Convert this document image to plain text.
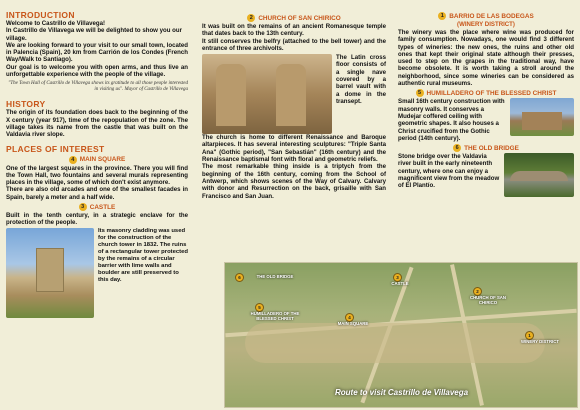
INTRODUCTION

Welcome to Castrillo de Villavega!

In Castrillo de Villavega we will be delighted to show you our village.

We are looking forward to your visit to our small town, located in Palencia (Spain), 20 km from Carrión de los Condes (French Way/Walk to Santiago).

Our goal is to welcome you with open arms, and thus live an unforgettable experience with the people of the village.

"The Town Hall of Castrillo de Villavega shows its gratitude to all those people interested in visiting us". Mayor of Castrillo de Villavega

HISTORY

The origin of its foundation does back to the beginning of the X century (year 917), time of the repopulation of the zone. The village takes its name from the castle that was built on the Valdavia river slope.

PLACES OF INTEREST
4 MAIN SQUARE

One of the largest squares in the province. There you will find the Town Hall, two fountains and several murals representing places in the village, some of which don't exist anymore.

There are also old arcades and one of the smallest facades in Spain, barely a meter and a half wide.

3 CASTLE

Built in the tenth century, in a strategic enclave for the protection of the people.

Its masonry cladding was used for the construction of the church tower in 1832. The ruins of a rectangular tower protected by the remains of a circular barrier with lime walls and boulder are still preserved to this day.

2 CHURCH OF SAN CHIRICO

It was built on the remains of an ancient Romanesque temple that dates back to the 13th century.

It still conserves the belfry (attached to the bell tower) and the entrance of three archivolts.

The Latin cross floor consists of a single nave covered by a barrel vault with a dome in the transept.

The church is home to different Renaissance and Baroque altarpieces. It has several interesting sculptures: "Triple Santa Ana" (Gothic period), "San Sebastián" (16th century) and the Renaissance baptismal font with floral and geometric reliefs.

The most remarkable thing inside is a triptych from the beginning of the 16th century, coming from the School of Antwerp, which shows scenes of the Way of Calvary. Calvary with donor and Resurrection on the back, grisaille with San Francisco and San Juan.

1 BARRIO DE LAS BODEGAS
(WINERY DISTRICT)

The winery was the place where wine was produced for family consumption. Nowadays, one would find 3 different types of wineries: the new ones, the ruins and other old ones that kept their original state although their presses, used to step on the grapes in the traditional way, have become obsolete. It is worth taking a stroll around the neighborhood, since some wineries can be considered as authentic rural museums.

5 HUMILLADERO OF THE BLESSED CHRIST

Small 16th century construction with masonry walls. It conserves a Mudejar coffered ceiling with geometric shapes. It also houses a Christ crucified from the Gothic period (14th century).

6 THE OLD BRIDGE

Stone bridge over the Valdavia river built in the early nineteenth century, where one can enjoy a magnificent view from the meadow of El Plantío.

6	THE OLD BRIDGE	3
CASTLE
2
CHURCH OF SAN CHIRICO
5
HUMILLADERO OF THE BLESSED CHRIST	4
MAIN SQUARE
1
WINERY DISTRICT
Route to visit Castrillo de Villavega
